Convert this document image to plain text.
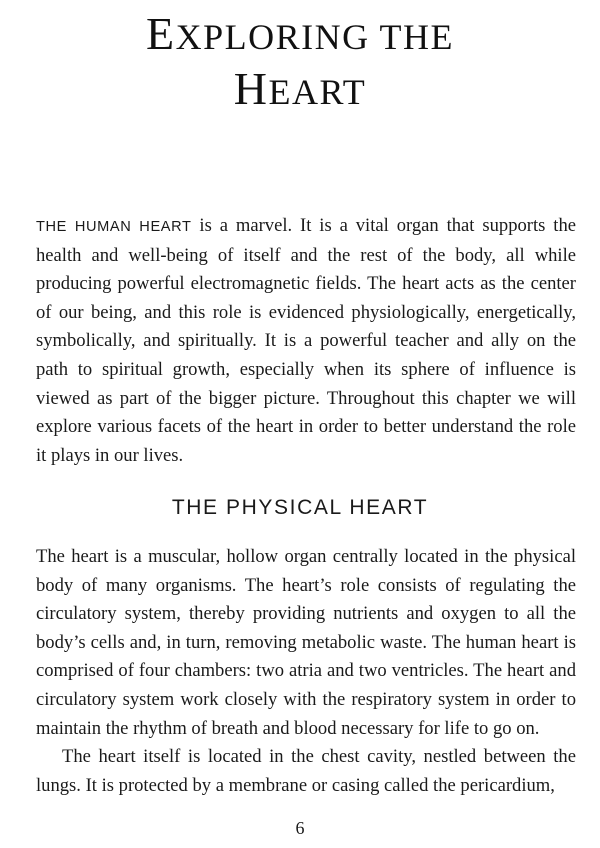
EXPLORING THE
HEART

THE HUMAN HEART is a marvel. It is a vital organ that supports the health and well-being of itself and the rest of the body, all while producing powerful electromagnetic fields. The heart acts as the center of our being, and this role is evidenced physiologically, energetically, symbolically, and spiritually. It is a powerful teacher and ally on the path to spiritual growth, especially when its sphere of influence is viewed as part of the bigger picture. Throughout this chapter we will explore various facets of the heart in order to better understand the role it plays in our lives.

THE PHYSICAL HEART

The heart is a muscular, hollow organ centrally located in the physical body of many organisms. The heart’s role consists of regulating the circulatory system, thereby providing nutrients and oxygen to all the body’s cells and, in turn, removing metabolic waste. The human heart is comprised of four chambers: two atria and two ventricles. The heart and circulatory system work closely with the respiratory system in order to maintain the rhythm of breath and blood necessary for life to go on.

The heart itself is located in the chest cavity, nestled between the lungs. It is protected by a membrane or casing called the pericardium,

6
